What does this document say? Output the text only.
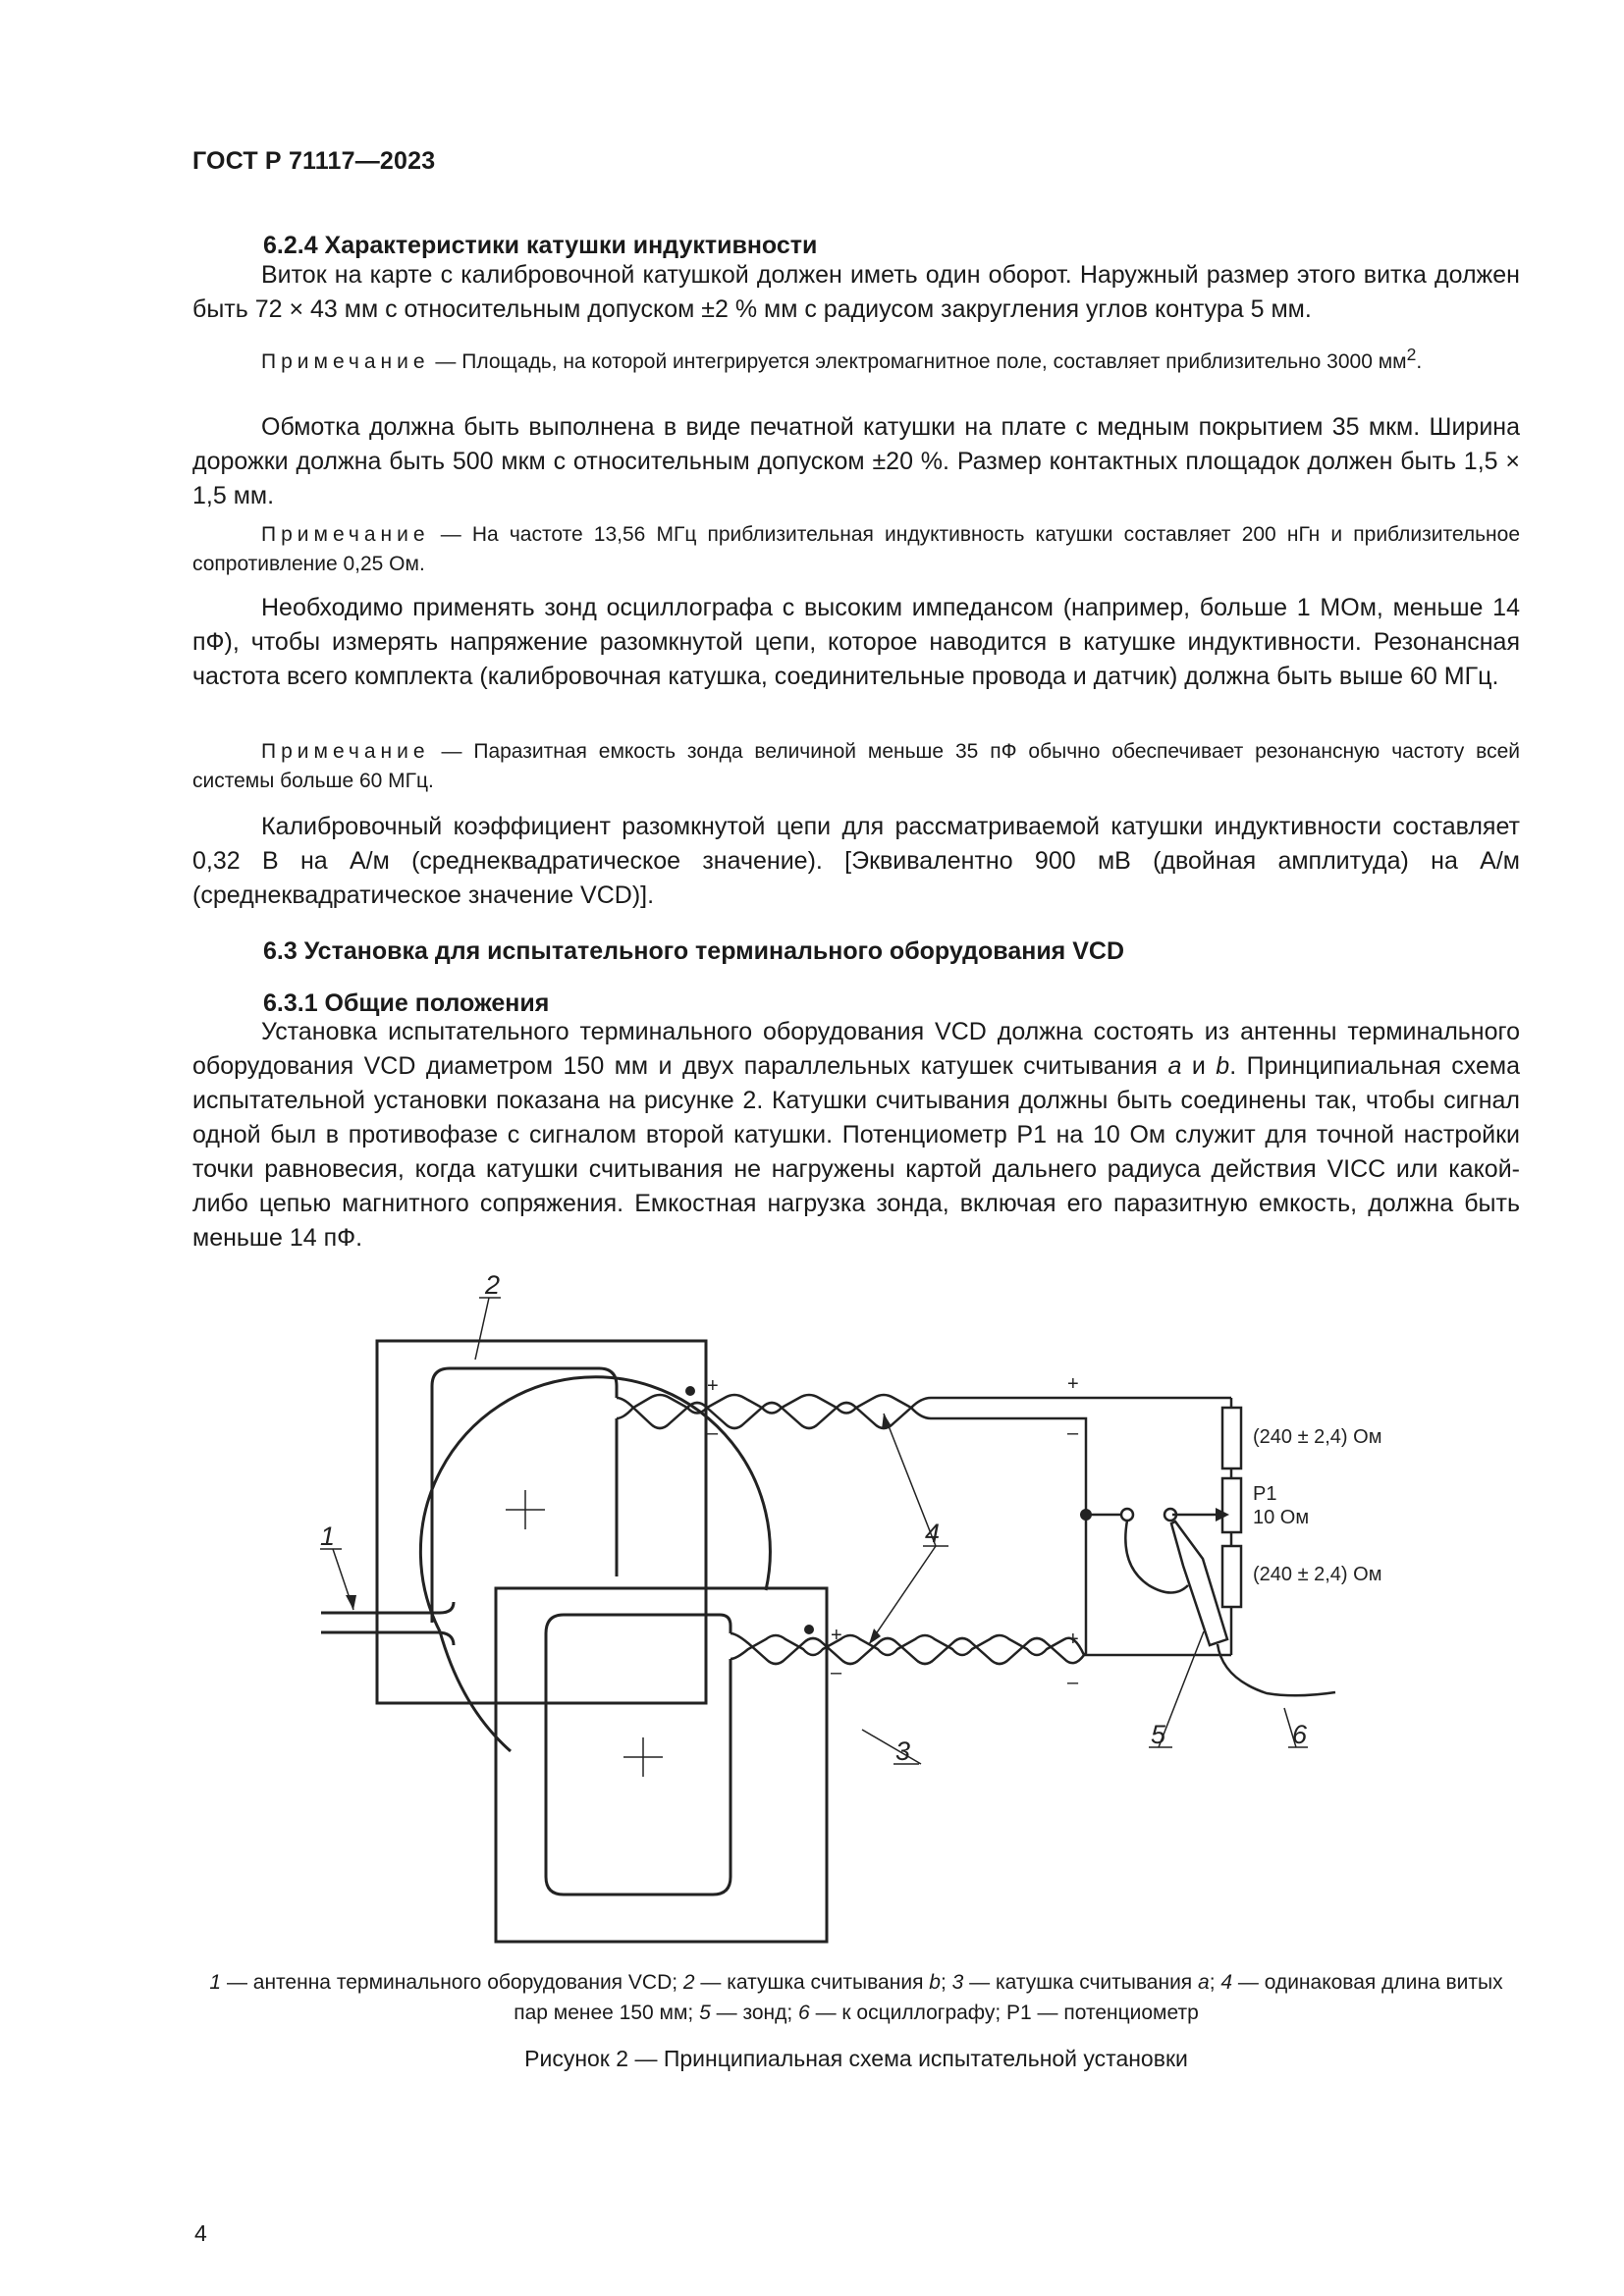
ГОСТ Р 71117—2023
6.2.4 Характеристики катушки индуктивности
Виток на карте с калибровочной катушкой должен иметь один оборот. Наружный размер этого витка должен быть 72 × 43 мм с относительным допуском ±2 % мм с радиусом закругления углов контура 5 мм.
Примечание — Площадь, на которой интегрируется электромагнитное поле, составляет приблизительно 3000 $мм^2$.
Обмотка должна быть выполнена в виде печатной катушки на плате с медным покрытием 35 мкм. Ширина дорожки должна быть 500 мкм с относительным допуском ±20 %. Размер контактных площадок должен быть 1,5 × 1,5 мм.
Примечание — На частоте 13,56 МГц приблизительная индуктивность катушки составляет 200 нГн и приблизительное сопротивление 0,25 Ом.
Необходимо применять зонд осциллографа с высоким импедансом (например, больше 1 МОм, меньше 14 пФ), чтобы измерять напряжение разомкнутой цепи, которое наводится в катушке индуктивности. Резонансная частота всего комплекта (калибровочная катушка, соединительные провода и датчик) должна быть выше 60 МГц.
Примечание — Паразитная емкость зонда величиной меньше 35 пФ обычно обеспечивает резонансную частоту всей системы больше 60 МГц.
Калибровочный коэффициент разомкнутой цепи для рассматриваемой катушки индуктивности составляет 0,32 В на А/м (среднеквадратическое значение). [Эквивалентно 900 мВ (двойная амплитуда) на А/м (среднеквадратическое значение VCD)].
6.3 Установка для испытательного терминального оборудования VCD
6.3.1 Общие положения
Установка испытательного терминального оборудования VCD должна состоять из антенны терминального оборудования VCD диаметром 150 мм и двух параллельных катушек считывания a и b. Принципиальная схема испытательной установки показана на рисунке 2. Катушки считывания должны быть соединены так, чтобы сигнал одной был в противофазе с сигналом второй катушки. Потенциометр P1 на 10 Ом служит для точной настройки точки равновесия, когда катушки считывания не нагружены картой дальнего радиуса действия VICC или какой-либо цепью магнитного сопряжения. Емкостная нагрузка зонда, включая его паразитную емкость, должна быть меньше 14 пФ.
2
1	4
3
5	6
(240 ± 2,4) Ом
P1
10 Ом
(240 ± 2,4) Ом
+
–
+
–
+
–
+
–
1 — антенна терминального оборудования VCD; 2 — катушка считывания b; 3 — катушка считывания a; 4 — одинаковая длина витых пар менее 150 мм; 5 — зонд; 6 — к осциллографу; P1 — потенциометр
Рисунок 2 — Принципиальная схема испытательной установки
4
